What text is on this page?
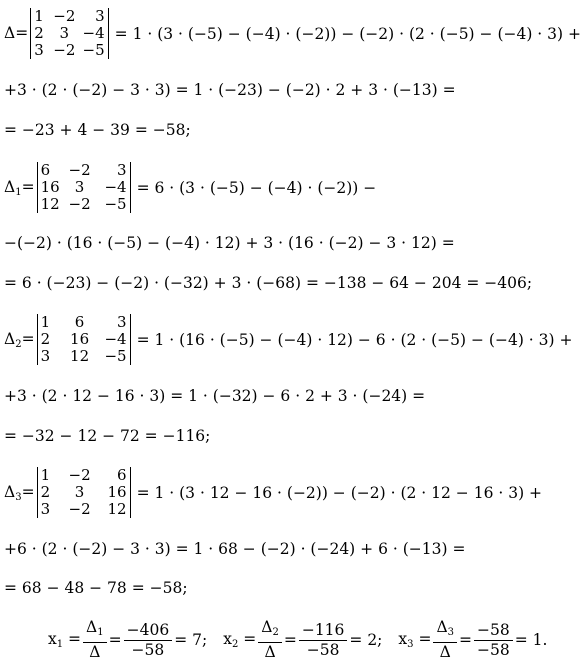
Δ=
1	−2	3
2	3	−4
3	−2	−5
= 1 · (3 · (−5) − (−4) · (−2)) − (−2) · (2 · (−5) − (−4) · 3) +
+3 · (2 · (−2) − 3 · 3) = 1 · (−23) − (−2) · 2 + 3 · (−13) =
= −23 + 4 − 39 = −58;
$\Delta_1=$
6	−2	3
16	3	−4
12	−2	−5
= 6 · (3 · (−5) − (−4) · (−2)) −
−(−2) · (16 · (−5) − (−4) · 12) + 3 · (16 · (−2) − 3 · 12) =
= 6 · (−23) − (−2) · (−32) + 3 · (−68) = −138 − 64 − 204 = −406;
$\Delta_2=$
1	6	3
2	16	−4
3	12	−5
= 1 · (16 · (−5) − (−4) · 12) − 6 · (2 · (−5) − (−4) · 3) +
+3 · (2 · 12 − 16 · 3) = 1 · (−32) − 6 · 2 + 3 · (−24) =
= −32 − 12 − 72 = −116;
$\Delta_3=$
1	−2	6
2	3	16
3	−2	12
= 1 · (3 · 12 − 16 · (−2)) − (−2) · (2 · 12 − 16 · 3) +
+6 · (2 · (−2) − 3 · 3) = 1 · 68 − (−2) · (−24) + 6 · (−13) =
= 68 − 48 − 78 = −58;
$x_1 = \frac{\Delta_1}{\Delta} = \frac{-406}{-58} = 7$; $x_2 = \frac{\Delta_2}{\Delta} = \frac{-116}{-58} = 2$; $x_3 = \frac{\Delta_3}{\Delta} = \frac{-58}{-58} = 1$.
